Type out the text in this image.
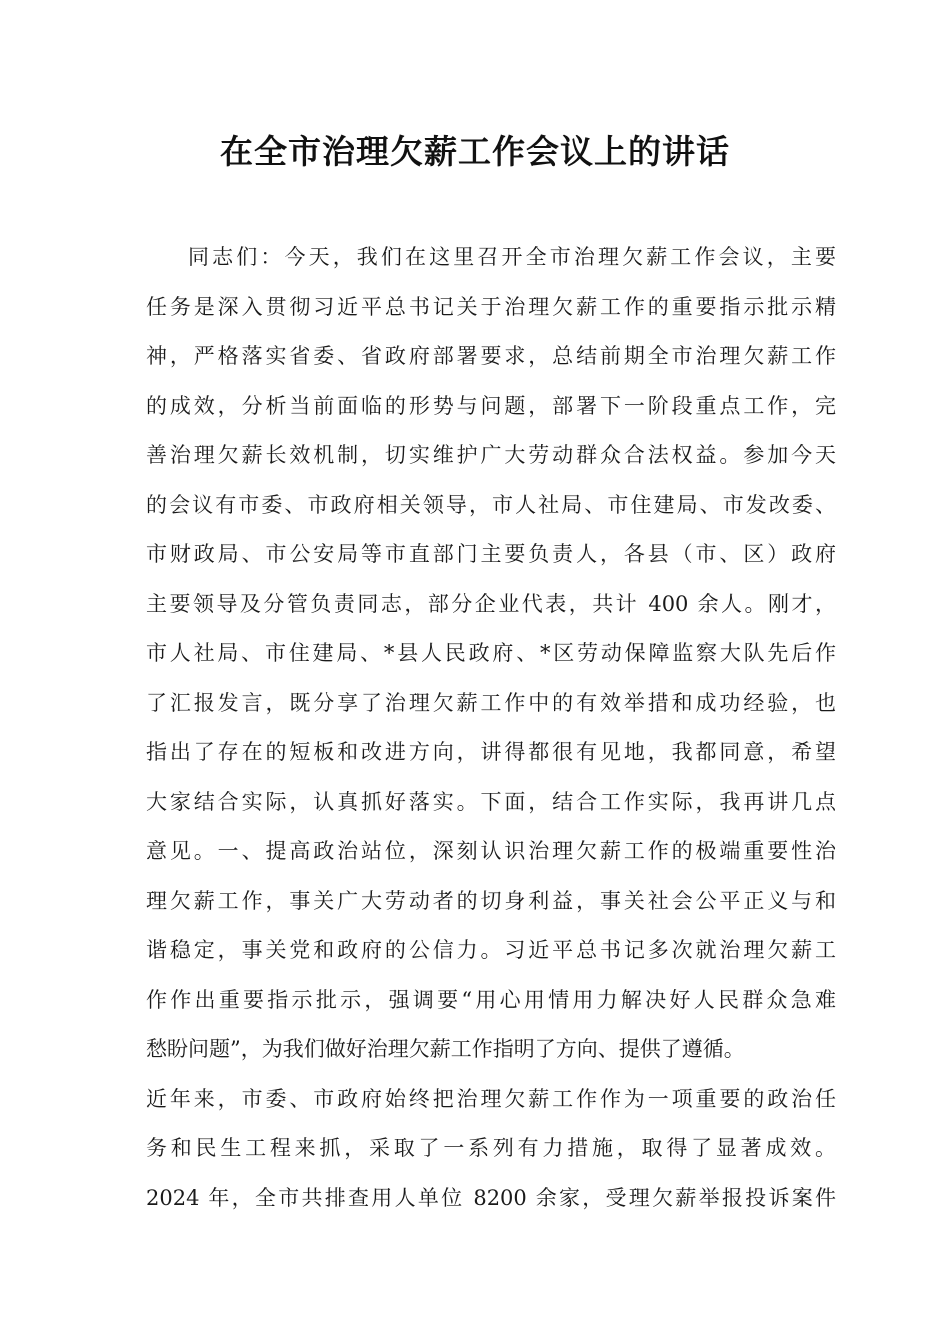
在全市治理欠薪工作会议上的讲话
同志们：今天，我们在这里召开全市治理欠薪工作会议，主要
任务是深入贯彻习近平总书记关于治理欠薪工作的重要指示批示精
神，严格落实省委、省政府部署要求，总结前期全市治理欠薪工作
的成效，分析当前面临的形势与问题，部署下一阶段重点工作，完
善治理欠薪长效机制，切实维护广大劳动群众合法权益。参加今天
的会议有市委、市政府相关领导，市人社局、市住建局、市发改委、
市财政局、市公安局等市直部门主要负责人，各县（市、区）政府
主要领导及分管负责同志，部分企业代表，共计 400 余人。刚才，
市人社局、市住建局、*县人民政府、*区劳动保障监察大队先后作
了汇报发言，既分享了治理欠薪工作中的有效举措和成功经验，也
指出了存在的短板和改进方向，讲得都很有见地，我都同意，希望
大家结合实际，认真抓好落实。下面，结合工作实际，我再讲几点
意见。一、提高政治站位，深刻认识治理欠薪工作的极端重要性治
理欠薪工作，事关广大劳动者的切身利益，事关社会公平正义与和
谐稳定，事关党和政府的公信力。习近平总书记多次就治理欠薪工
作作出重要指示批示，强调要“用心用情用力解决好人民群众急难
愁盼问题”，为我们做好治理欠薪工作指明了方向、提供了遵循。
近年来，市委、市政府始终把治理欠薪工作作为一项重要的政治任
务和民生工程来抓，采取了一系列有力措施，取得了显著成效。
2024 年，全市共排查用人单位 8200 余家，受理欠薪举报投诉案件
